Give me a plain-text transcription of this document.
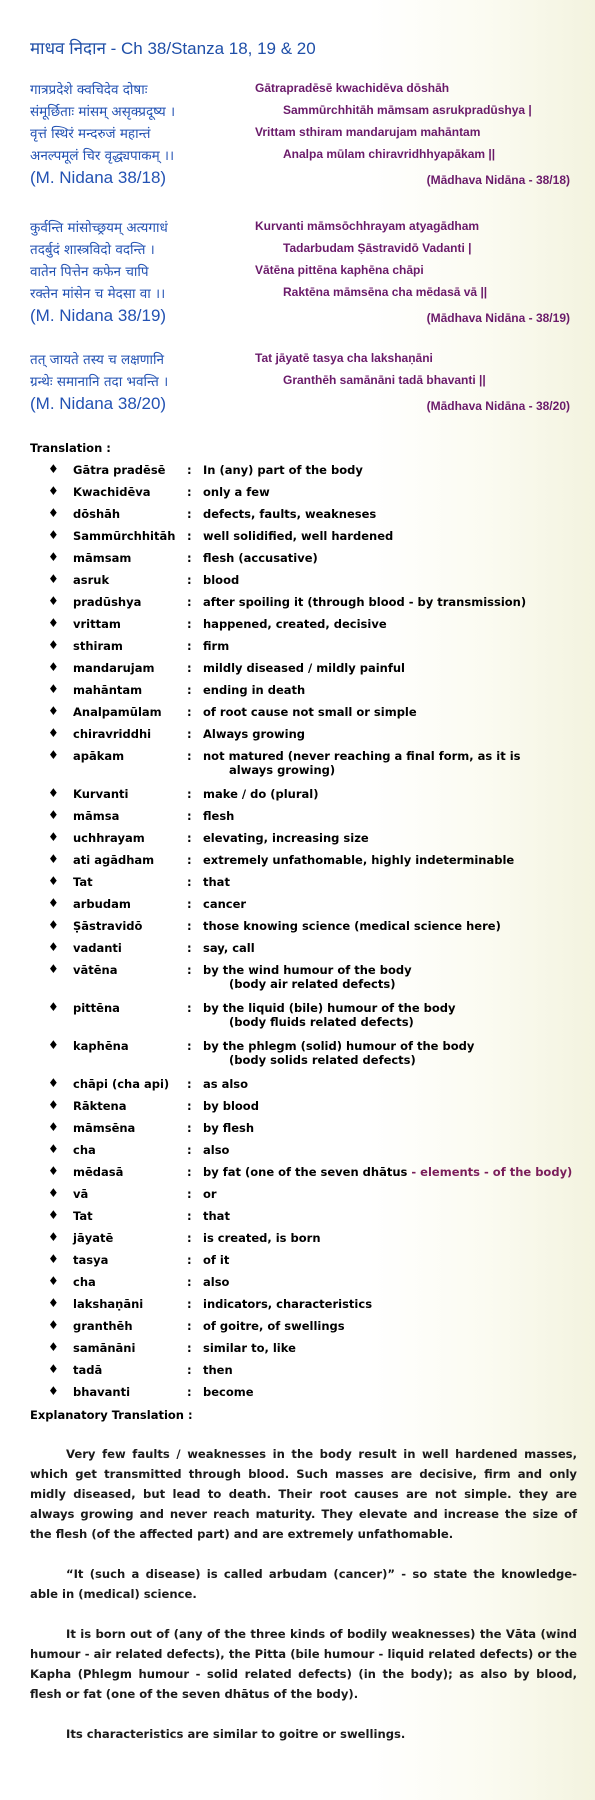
माधव निदान - Ch 38/Stanza 18, 19 & 20
गात्रप्रदेशे क्वचिदेव दोषाः	Gātrapradēsē kwachidēva dōshāh
संमूर्छिताः मांसम् असृक्प्रदूष्य ।	Sammūrchhitāh māmsam asrukpradūshya |
वृत्तं स्थिरं मन्दरुजं महान्तं	Vrittam sthiram mandarujam mahāntam
अनल्पमूलं चिर वृद्ध्यपाकम् ।।	Analpa mūlam chiravridhhyapākam ||
(M. Nidana 38/18)	(Mādhava Nidāna - 38/18)
कुर्वन्ति मांसोच्छ्रयम् अत्यगाधं	Kurvanti māmsōchhrayam atyagādham
तदर्बुदं शास्त्रविदो वदन्ति ।	Tadarbudam Ṣāstravidō Vadanti |
वातेन पित्तेन कफेन चापि	Vātēna pittēna kaphēna chāpi
रक्तेन मांसेन च मेदसा वा ।।	Raktēna māmsēna cha mēdasā vā ||
(M. Nidana 38/19)	(Mādhava Nidāna - 38/19)
तत् जायते तस्य च लक्षणानि	Tat jāyatē tasya cha lakshaṇāni
ग्रन्थेः समानानि तदा भवन्ति ।	Granthēh samānāni tadā bhavanti ||
(M. Nidana 38/20)	(Mādhava Nidāna - 38/20)
Translation :
♦ Gātra pradēsē : In (any) part of the body
♦ Kwachidēva	: only a few
♦ dōshāh	: defects, faults, weakneses
♦ Sammūrchhitāh : well solidified, well hardened
♦ māmsam	: flesh (accusative)
♦ asruk	: blood
♦ pradūshya	: after spoiling it (through blood - by transmission)
♦ vrittam	: happened, created, decisive
♦ sthiram	: firm
♦ mandarujam	: mildly diseased / mildly painful
♦ mahāntam	: ending in death
♦ Analpamūlam : of root cause not small or simple
♦ chiravriddhi	: Always growing
♦ apākam	: not matured (never reaching a final form, as it is
always growing)
♦ Kurvanti	: make / do (plural)
♦ māmsa	: flesh
♦ uchhrayam	: elevating, increasing size
♦ ati agādham	: extremely unfathomable, highly indeterminable
♦ Tat	: that
♦ arbudam	: cancer
♦ Ṣāstravidō	: those knowing science (medical science here)
♦ vadanti	: say, call
♦ vātēna	: by the wind humour of the body
(body air related defects)
♦ pittēna	: by the liquid (bile) humour of the body
(body fluids related defects)
♦ kaphēna	: by the phlegm (solid) humour of the body
(body solids related defects)
♦ chāpi (cha api) : as also
♦ Rāktena	: by blood
♦ māmsēna	: by flesh
♦ cha	: also
♦ mēdasā	: by fat (one of the seven dhātus - elements - of the body)
♦ vā	: or
♦ Tat	: that
♦ jāyatē	: is created, is born
♦ tasya	: of it
♦ cha	: also
♦ lakshaṇāni	: indicators, characteristics
♦ granthēh	: of goitre, of swellings
♦ samānāni	: similar to, like
♦ tadā	: then
♦ bhavanti	: become
Explanatory Translation :
Very few faults / weaknesses in the body result in well hardened masses, which get transmitted through blood. Such masses are decisive, firm and only midly diseased, but lead to death. Their root causes are not simple. they are always growing and never reach maturity. They elevate and increase the size of the flesh (of the affected part) and are extremely unfathomable.
“It (such a disease) is called arbudam (cancer)” - so state the knowledge-able in (medical) science.
It is born out of (any of the three kinds of bodily weaknesses) the Vāta (wind humour - air related defects), the Pitta (bile humour - liquid related defects) or the Kapha (Phlegm humour - solid related defects) (in the body); as also by blood, flesh or fat (one of the seven dhātus of the body).
Its characteristics are similar to goitre or swellings.
